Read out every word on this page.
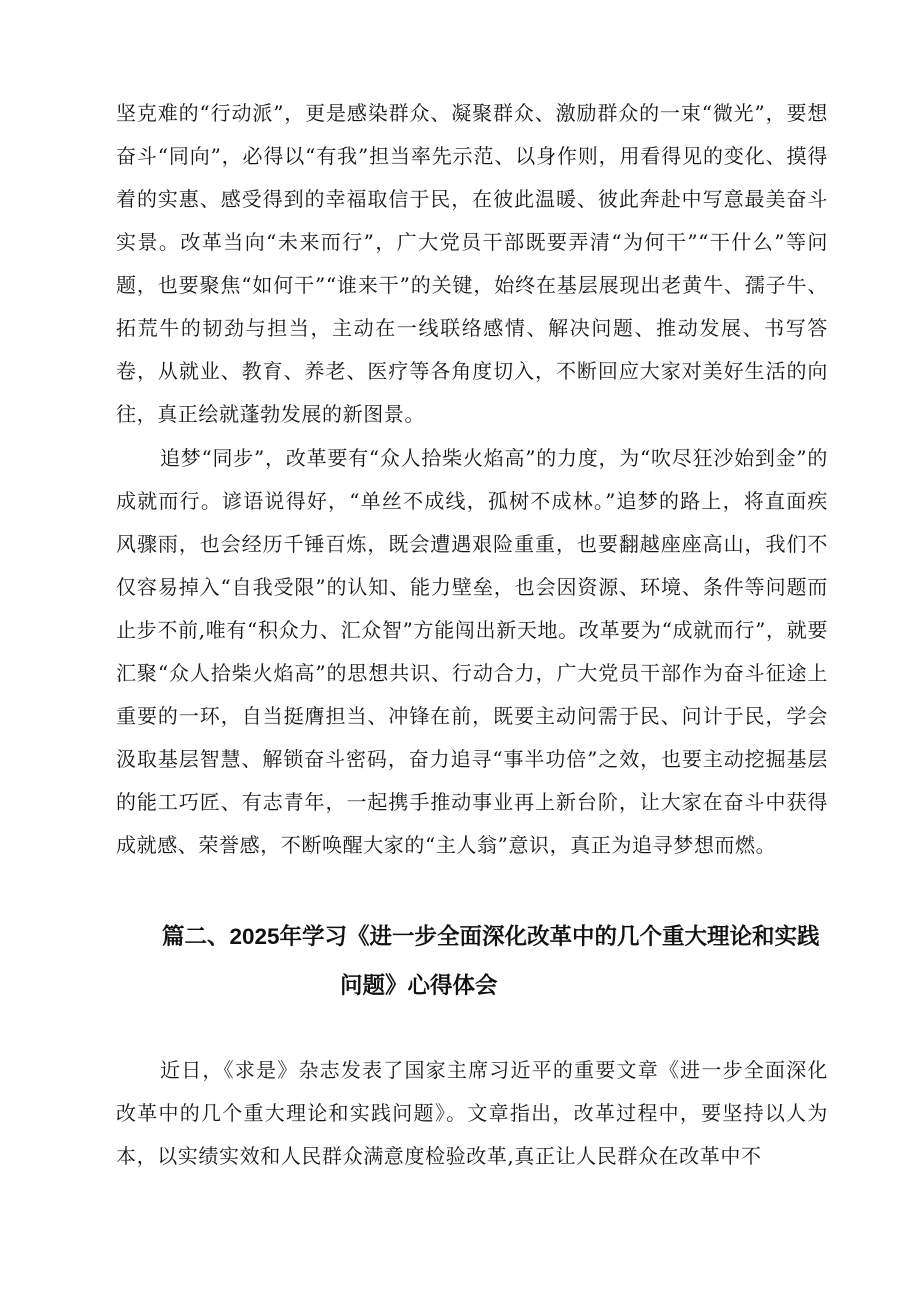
坚克难的“行动派”，更是感染群众、凝聚群众、激励群众的一束“微光”，要想奋斗“同向”，必得以“有我”担当率先示范、以身作则，用看得见的变化、摸得着的实惠、感受得到的幸福取信于民，在彼此温暖、彼此奔赴中写意最美奋斗实景。改革当向“未来而行”，广大党员干部既要弄清“为何干”“干什么”等问题，也要聚焦“如何干”“谁来干”的关键，始终在基层展现出老黄牛、孺子牛、拓荒牛的韧劲与担当，主动在一线联络感情、解决问题、推动发展、书写答卷，从就业、教育、养老、医疗等各角度切入，不断回应大家对美好生活的向往，真正绘就蓬勃发展的新图景。

追梦“同步”，改革要有“众人拾柴火焰高”的力度，为“吹尽狂沙始到金”的成就而行。谚语说得好，“单丝不成线，孤树不成林。”追梦的路上，将直面疾风骤雨，也会经历千锤百炼，既会遭遇艰险重重，也要翻越座座高山，我们不仅容易掉入“自我受限”的认知、能力壁垒，也会因资源、环境、条件等问题而止步不前,唯有“积众力、汇众智”方能闯出新天地。改革要为“成就而行”，就要汇聚“众人拾柴火焰高”的思想共识、行动合力，广大党员干部作为奋斗征途上重要的一环，自当挺膺担当、冲锋在前，既要主动问需于民、问计于民，学会汲取基层智慧、解锁奋斗密码，奋力追寻“事半功倍”之效，也要主动挖掘基层的能工巧匠、有志青年，一起携手推动事业再上新台阶，让大家在奋斗中获得成就感、荣誉感，不断唤醒大家的“主人翁”意识，真正为追寻梦想而燃。

篇二、2025年学习《进一步全面深化改革中的几个重大理论和实践
问题》心得体会

近日，《求是》杂志发表了国家主席习近平的重要文章《进一步全面深化改革中的几个重大理论和实践问题》。文章指出，改革过程中，要坚持以人为本，以实绩实效和人民群众满意度检验改革,真正让人民群众在改革中不
